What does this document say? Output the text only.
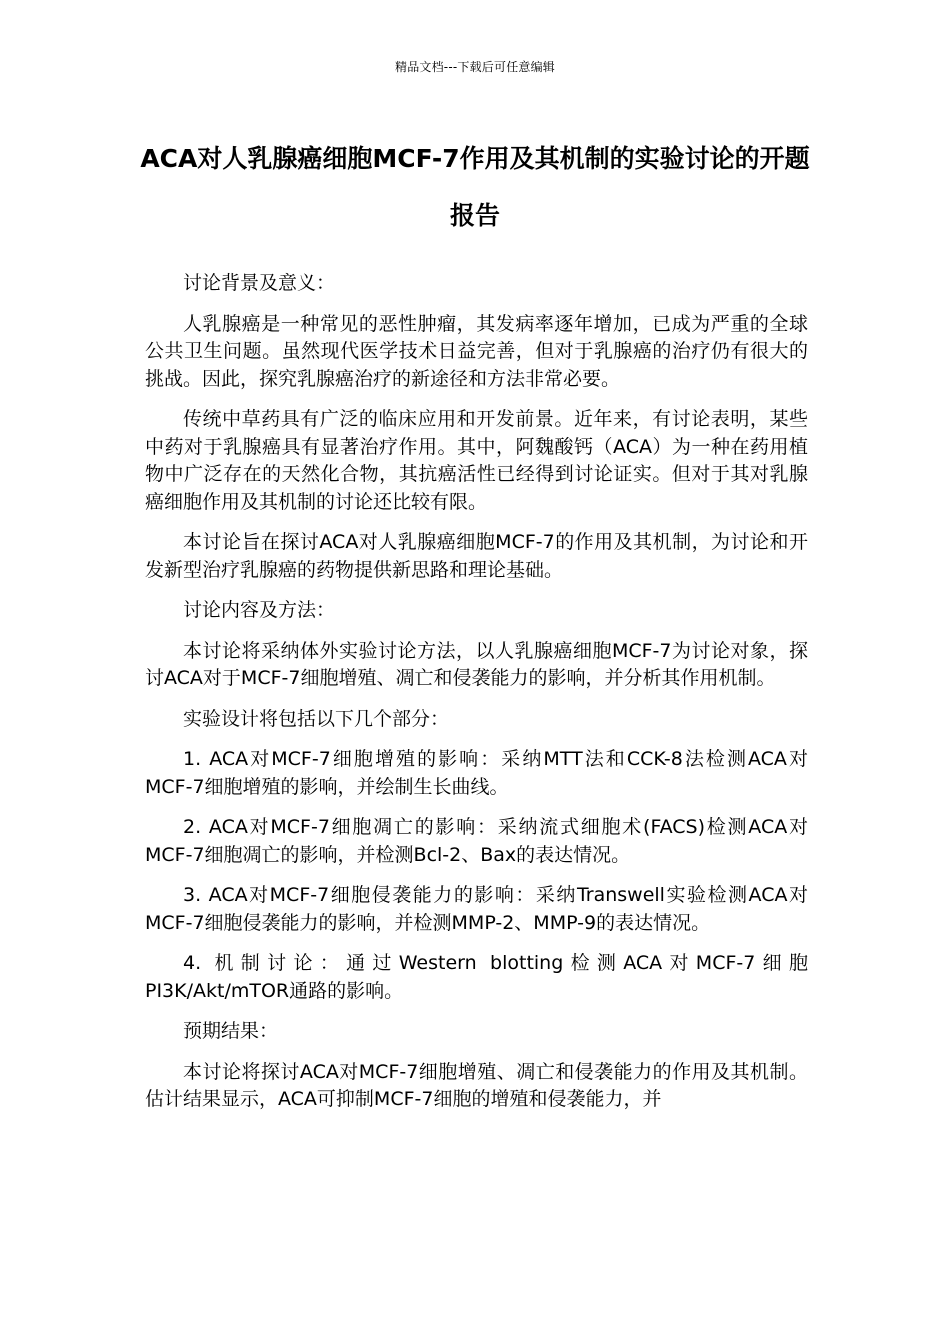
精品文档---下载后可任意编辑
ACA对人乳腺癌细胞MCF-7作用及其机制的实验讨论的开题报告

讨论背景及意义：

人乳腺癌是一种常见的恶性肿瘤，其发病率逐年增加，已成为严重的全球公共卫生问题。虽然现代医学技术日益完善，但对于乳腺癌的治疗仍有很大的挑战。因此，探究乳腺癌治疗的新途径和方法非常必要。

传统中草药具有广泛的临床应用和开发前景。近年来，有讨论表明，某些中药对于乳腺癌具有显著治疗作用。其中，阿魏酸钙（ACA）为一种在药用植物中广泛存在的天然化合物，其抗癌活性已经得到讨论证实。但对于其对乳腺癌细胞作用及其机制的讨论还比较有限。

本讨论旨在探讨ACA对人乳腺癌细胞MCF-7的作用及其机制，为讨论和开发新型治疗乳腺癌的药物提供新思路和理论基础。

讨论内容及方法：

本讨论将采纳体外实验讨论方法，以人乳腺癌细胞MCF-7为讨论对象，探讨ACA对于MCF-7细胞增殖、凋亡和侵袭能力的影响，并分析其作用机制。

实验设计将包括以下几个部分：

1. ACA对MCF-7细胞增殖的影响：采纳MTT法和CCK-8法检测ACA对MCF-7细胞增殖的影响，并绘制生长曲线。

2. ACA对MCF-7细胞凋亡的影响：采纳流式细胞术(FACS)检测ACA对MCF-7细胞凋亡的影响，并检测Bcl-2、Bax的表达情况。

3. ACA对MCF-7细胞侵袭能力的影响：采纳Transwell实验检测ACA对MCF-7细胞侵袭能力的影响，并检测MMP-2、MMP-9的表达情况。

4. 机制讨论：通过Western blotting检测ACA对MCF-7细胞PI3K/Akt/mTOR通路的影响。

预期结果：

本讨论将探讨ACA对MCF-7细胞增殖、凋亡和侵袭能力的作用及其机制。估计结果显示，ACA可抑制MCF-7细胞的增殖和侵袭能力，并
